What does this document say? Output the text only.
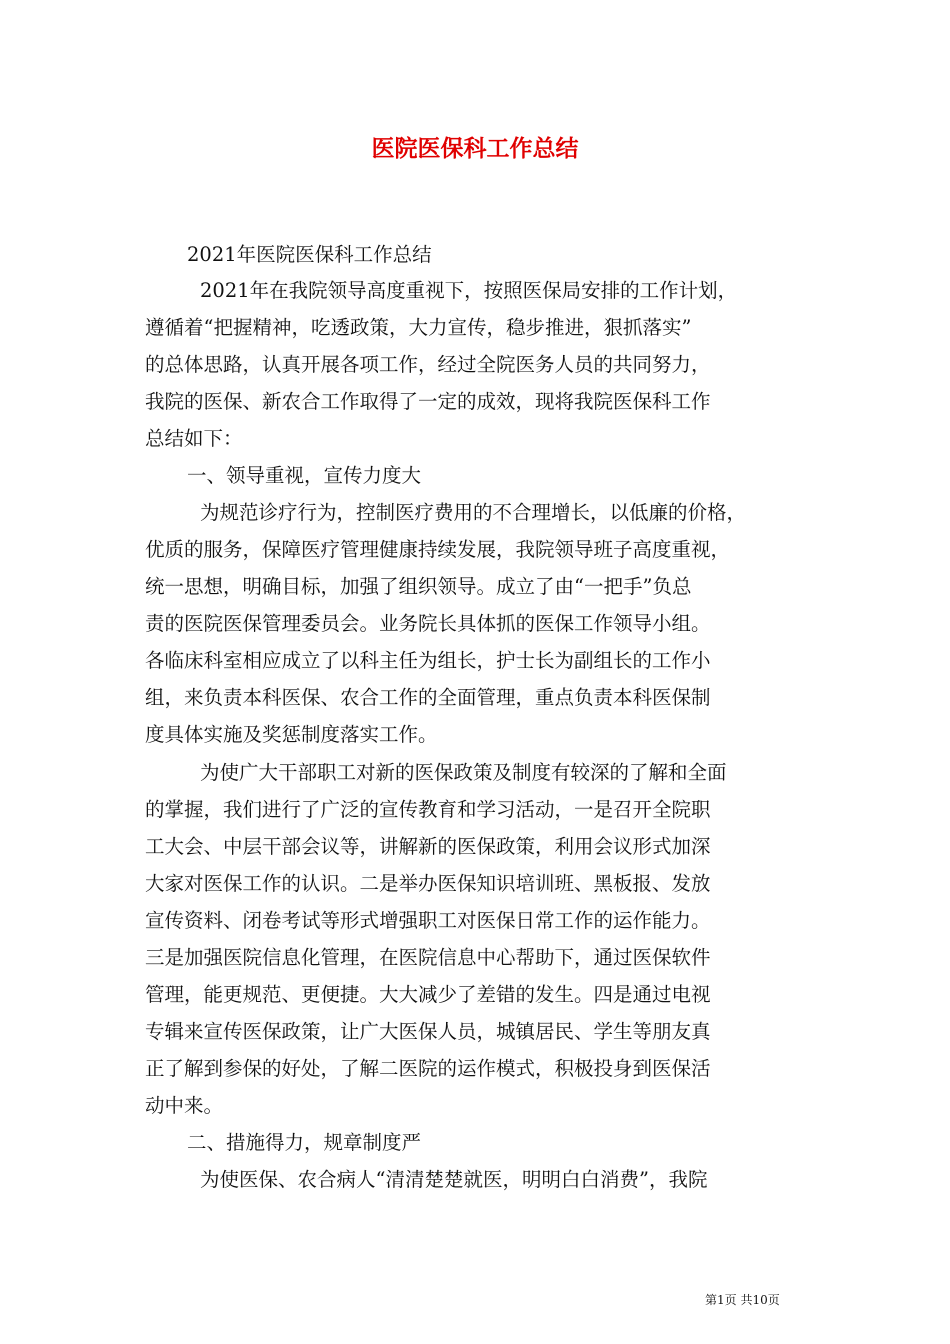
医院医保科工作总结
2021年医院医保科工作总结
2021年在我院领导高度重视下，按照医保局安排的工作计划，
遵循着“把握精神，吃透政策，大力宣传，稳步推进，狠抓落实”
的总体思路，认真开展各项工作，经过全院医务人员的共同努力，
我院的医保、新农合工作取得了一定的成效，现将我院医保科工作
总结如下：
一、领导重视，宣传力度大
为规范诊疗行为，控制医疗费用的不合理增长，以低廉的价格，
优质的服务，保障医疗管理健康持续发展，我院领导班子高度重视，
统一思想，明确目标，加强了组织领导。成立了由“一把手”负总
责的医院医保管理委员会。业务院长具体抓的医保工作领导小组。
各临床科室相应成立了以科主任为组长，护士长为副组长的工作小
组，来负责本科医保、农合工作的全面管理，重点负责本科医保制
度具体实施及奖惩制度落实工作。
为使广大干部职工对新的医保政策及制度有较深的了解和全面
的掌握，我们进行了广泛的宣传教育和学习活动，一是召开全院职
工大会、中层干部会议等，讲解新的医保政策，利用会议形式加深
大家对医保工作的认识。二是举办医保知识培训班、黑板报、发放
宣传资料、闭卷考试等形式增强职工对医保日常工作的运作能力。
三是加强医院信息化管理，在医院信息中心帮助下，通过医保软件
管理，能更规范、更便捷。大大减少了差错的发生。四是通过电视
专辑来宣传医保政策，让广大医保人员，城镇居民、学生等朋友真
正了解到参保的好处，了解二医院的运作模式，积极投身到医保活
动中来。
二、措施得力，规章制度严
为使医保、农合病人“清清楚楚就医，明明白白消费”，我院
第1页 共10页
